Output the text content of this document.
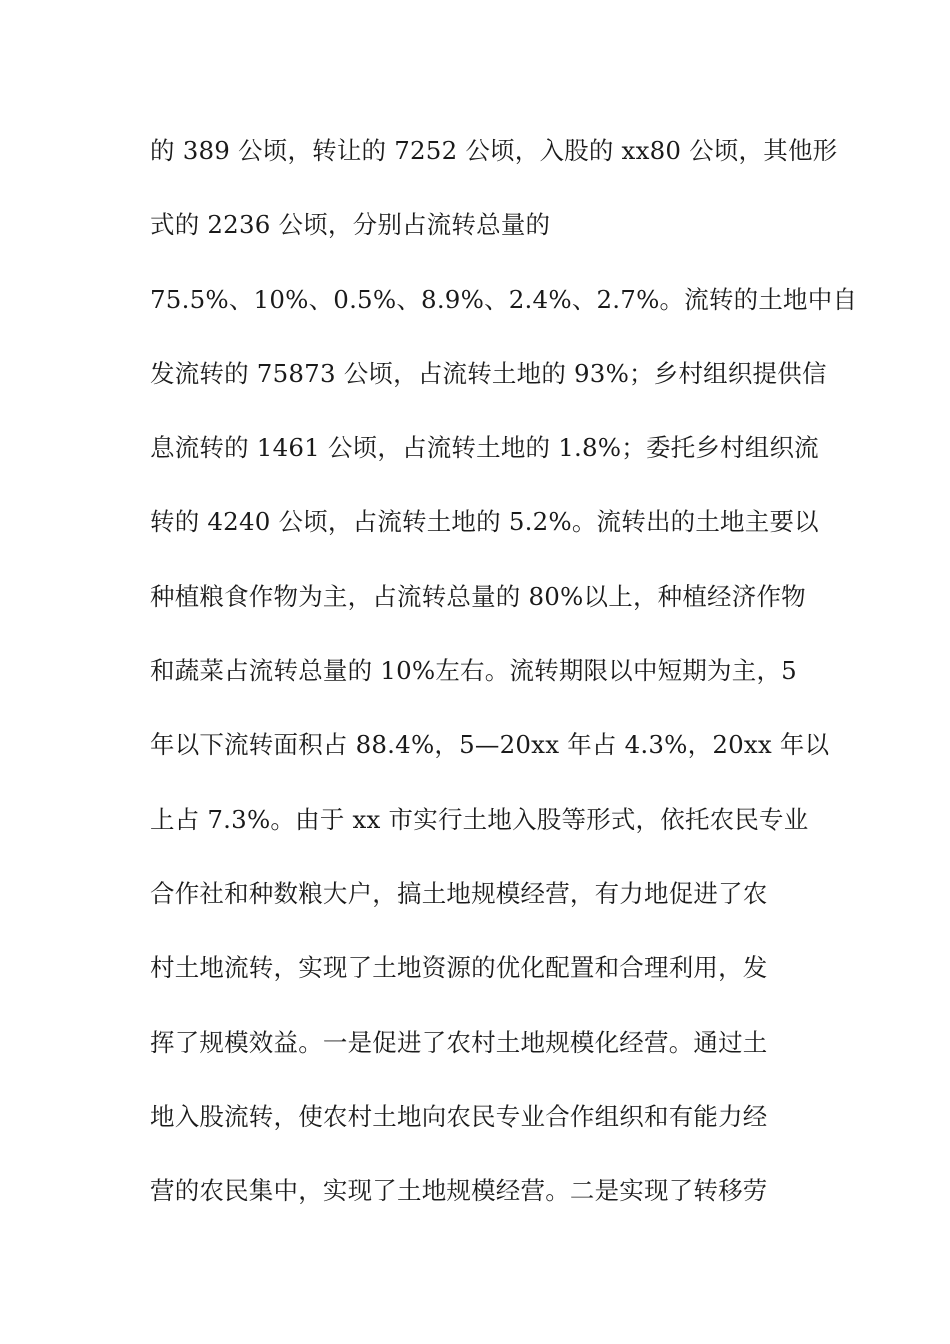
的 389 公顷，转让的 7252 公顷，入股的 xx80 公顷，其他形
式的 2236 公顷，分别占流转总量的
75.5%、10%、0.5%、8.9%、2.4%、2.7%。流转的土地中自
发流转的 75873 公顷，占流转土地的 93%；乡村组织提供信
息流转的 1461 公顷，占流转土地的 1.8%；委托乡村组织流
转的 4240 公顷，占流转土地的 5.2%。流转出的土地主要以
种植粮食作物为主，占流转总量的 80%以上，种植经济作物
和蔬菜占流转总量的 10%左右。流转期限以中短期为主，5
年以下流转面积占 88.4%，5—20xx 年占 4.3%，20xx 年以
上占 7.3%。由于 xx 市实行土地入股等形式，依托农民专业
合作社和种数粮大户，搞土地规模经营，有力地促进了农
村土地流转，实现了土地资源的优化配置和合理利用，发
挥了规模效益。一是促进了农村土地规模化经营。通过土
地入股流转，使农村土地向农民专业合作组织和有能力经
营的农民集中，实现了土地规模经营。二是实现了转移劳
